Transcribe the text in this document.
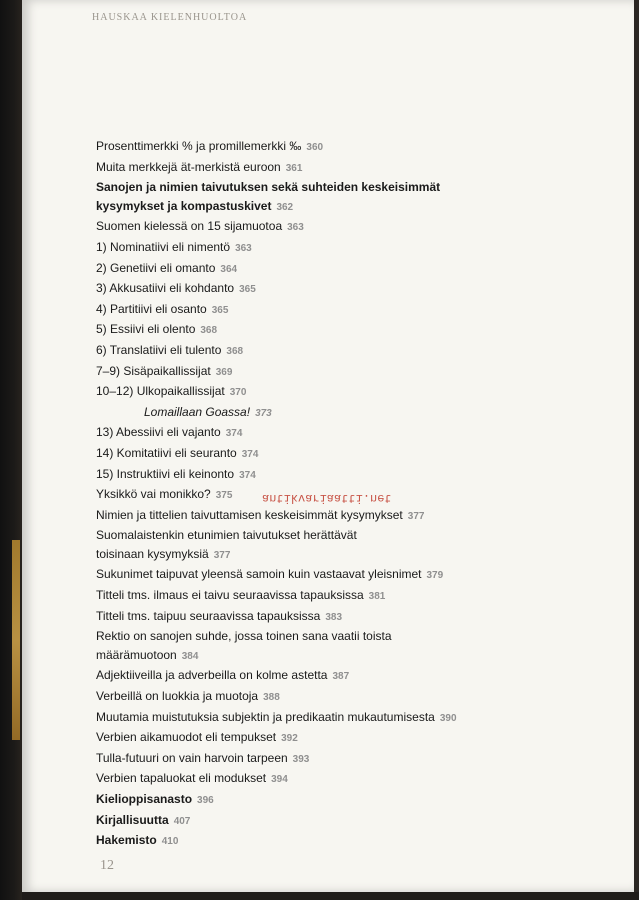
HAUSKAA KIELENHUOLTOA
Prosenttimerkki % ja promillemerkki ‰ 360
Muita merkkejä ät-merkistä euroon 361
Sanojen ja nimien taivutuksen sekä suhteiden keskeisimmät
kysymykset ja kompastuskivet 362
Suomen kielessä on 15 sijamuotoa 363
1) Nominatiivi eli nimentö 363
2) Genetiivi eli omanto 364
3) Akkusatiivi eli kohdanto 365
4) Partitiivi eli osanto 365
5) Essiivi eli olento 368
6) Translatiivi eli tulento 368
7–9) Sisäpaikallissijat 369
10–12) Ulkopaikallissijat 370
Lomaillaan Goassa! 373
13) Abessiivi eli vajanto 374
14) Komitatiivi eli seuranto 374
15) Instruktiivi eli keinonto 374
Yksikkö vai monikko? 375
Nimien ja tittelien taivuttamisen keskeisimmät kysymykset 377
Suomalaistenkin etunimien taivutukset herättävät
toisinaan kysymyksiä 377
Sukunimet taipuvat yleensä samoin kuin vastaavat yleisnimet 379
Titteli tms. ilmaus ei taivu seuraavissa tapauksissa 381
Titteli tms. taipuu seuraavissa tapauksissa 383
Rektio on sanojen suhde, jossa toinen sana vaatii toista
määrämuotoon 384
Adjektiiveilla ja adverbeilla on kolme astetta 387
Verbeillä on luokkia ja muotoja 388
Muutamia muistutuksia subjektin ja predikaatin mukautumisesta 390
Verbien aikamuodot eli tempukset 392
Tulla-futuuri on vain harvoin tarpeen 393
Verbien tapaluokat eli modukset 394
Kielioppisanasto 396
Kirjallisuutta 407
Hakemisto 410
antikvariaatti.net
12
